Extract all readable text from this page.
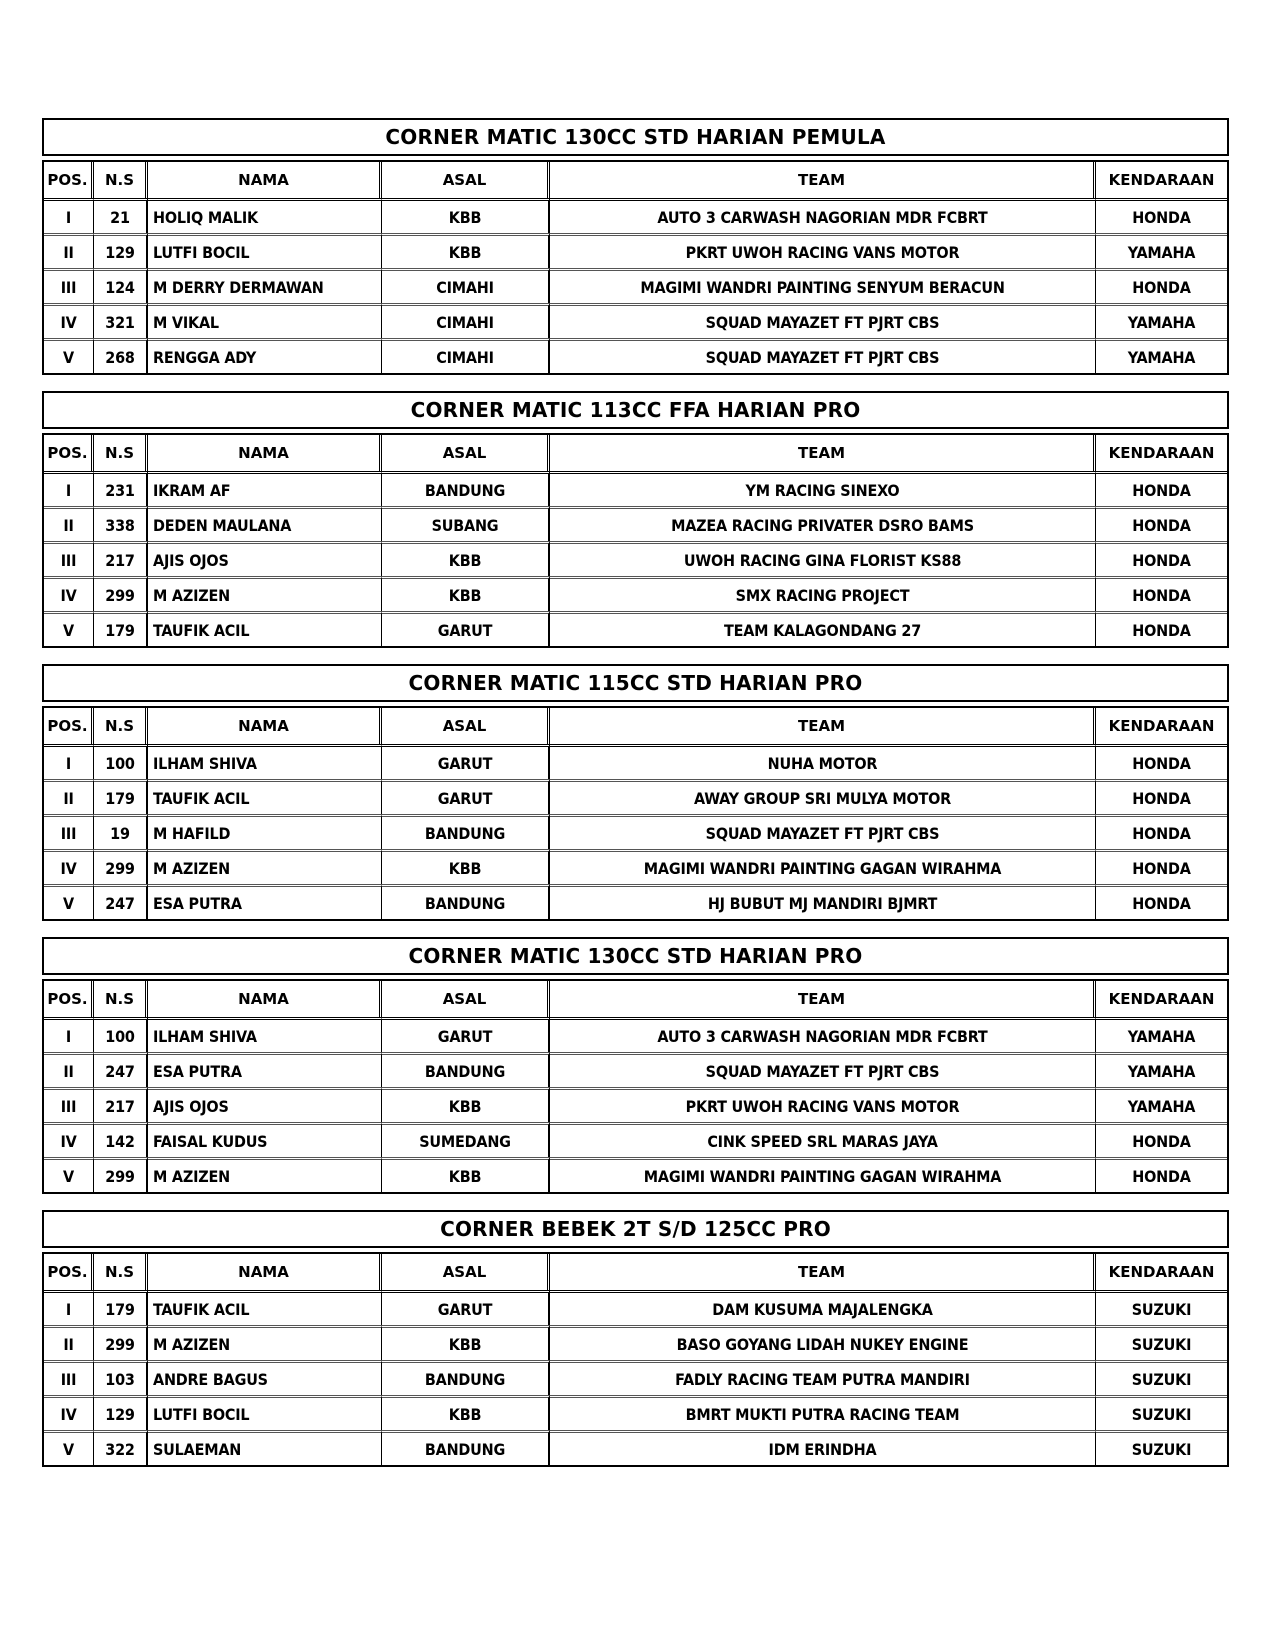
CORNER MATIC 130CC STD HARIAN PEMULA
POS.	N.S	NAMA	ASAL	TEAM	KENDARAAN
I	21	HOLIQ MALIK	KBB	AUTO 3 CARWASH NAGORIAN MDR FCBRT	HONDA
II	129	LUTFI BOCIL	KBB	PKRT UWOH RACING VANS MOTOR	YAMAHA
III	124	M DERRY DERMAWAN	CIMAHI	MAGIMI WANDRI PAINTING SENYUM BERACUN	HONDA
IV	321	M VIKAL	CIMAHI	SQUAD MAYAZET FT PJRT CBS	YAMAHA
V	268	RENGGA ADY	CIMAHI	SQUAD MAYAZET FT PJRT CBS	YAMAHA
CORNER MATIC 113CC FFA HARIAN PRO
POS.	N.S	NAMA	ASAL	TEAM	KENDARAAN
I	231	IKRAM AF	BANDUNG	YM RACING SINEXO	HONDA
II	338	DEDEN MAULANA	SUBANG	MAZEA RACING PRIVATER DSRO BAMS	HONDA
III	217	AJIS OJOS	KBB	UWOH RACING GINA FLORIST KS88	HONDA
IV	299	M AZIZEN	KBB	SMX RACING PROJECT	HONDA
V	179	TAUFIK ACIL	GARUT	TEAM KALAGONDANG 27	HONDA
CORNER MATIC 115CC STD HARIAN PRO
POS.	N.S	NAMA	ASAL	TEAM	KENDARAAN
I	100	ILHAM SHIVA	GARUT	NUHA MOTOR	HONDA
II	179	TAUFIK ACIL	GARUT	AWAY GROUP SRI MULYA MOTOR	HONDA
III	19	M HAFILD	BANDUNG	SQUAD MAYAZET FT PJRT CBS	HONDA
IV	299	M AZIZEN	KBB	MAGIMI WANDRI PAINTING GAGAN WIRAHMA	HONDA
V	247	ESA PUTRA	BANDUNG	HJ BUBUT MJ MANDIRI BJMRT	HONDA
CORNER MATIC 130CC STD HARIAN PRO
POS.	N.S	NAMA	ASAL	TEAM	KENDARAAN
I	100	ILHAM SHIVA	GARUT	AUTO 3 CARWASH NAGORIAN MDR FCBRT	YAMAHA
II	247	ESA PUTRA	BANDUNG	SQUAD MAYAZET FT PJRT CBS	YAMAHA
III	217	AJIS OJOS	KBB	PKRT UWOH RACING VANS MOTOR	YAMAHA
IV	142	FAISAL KUDUS	SUMEDANG	CINK SPEED SRL MARAS JAYA	HONDA
V	299	M AZIZEN	KBB	MAGIMI WANDRI PAINTING GAGAN WIRAHMA	HONDA
CORNER BEBEK 2T S/D 125CC PRO
POS.	N.S	NAMA	ASAL	TEAM	KENDARAAN
I	179	TAUFIK ACIL	GARUT	DAM KUSUMA MAJALENGKA	SUZUKI
II	299	M AZIZEN	KBB	BASO GOYANG LIDAH NUKEY ENGINE	SUZUKI
III	103	ANDRE BAGUS	BANDUNG	FADLY RACING TEAM PUTRA MANDIRI	SUZUKI
IV	129	LUTFI BOCIL	KBB	BMRT MUKTI PUTRA RACING TEAM	SUZUKI
V	322	SULAEMAN	BANDUNG	IDM ERINDHA	SUZUKI
